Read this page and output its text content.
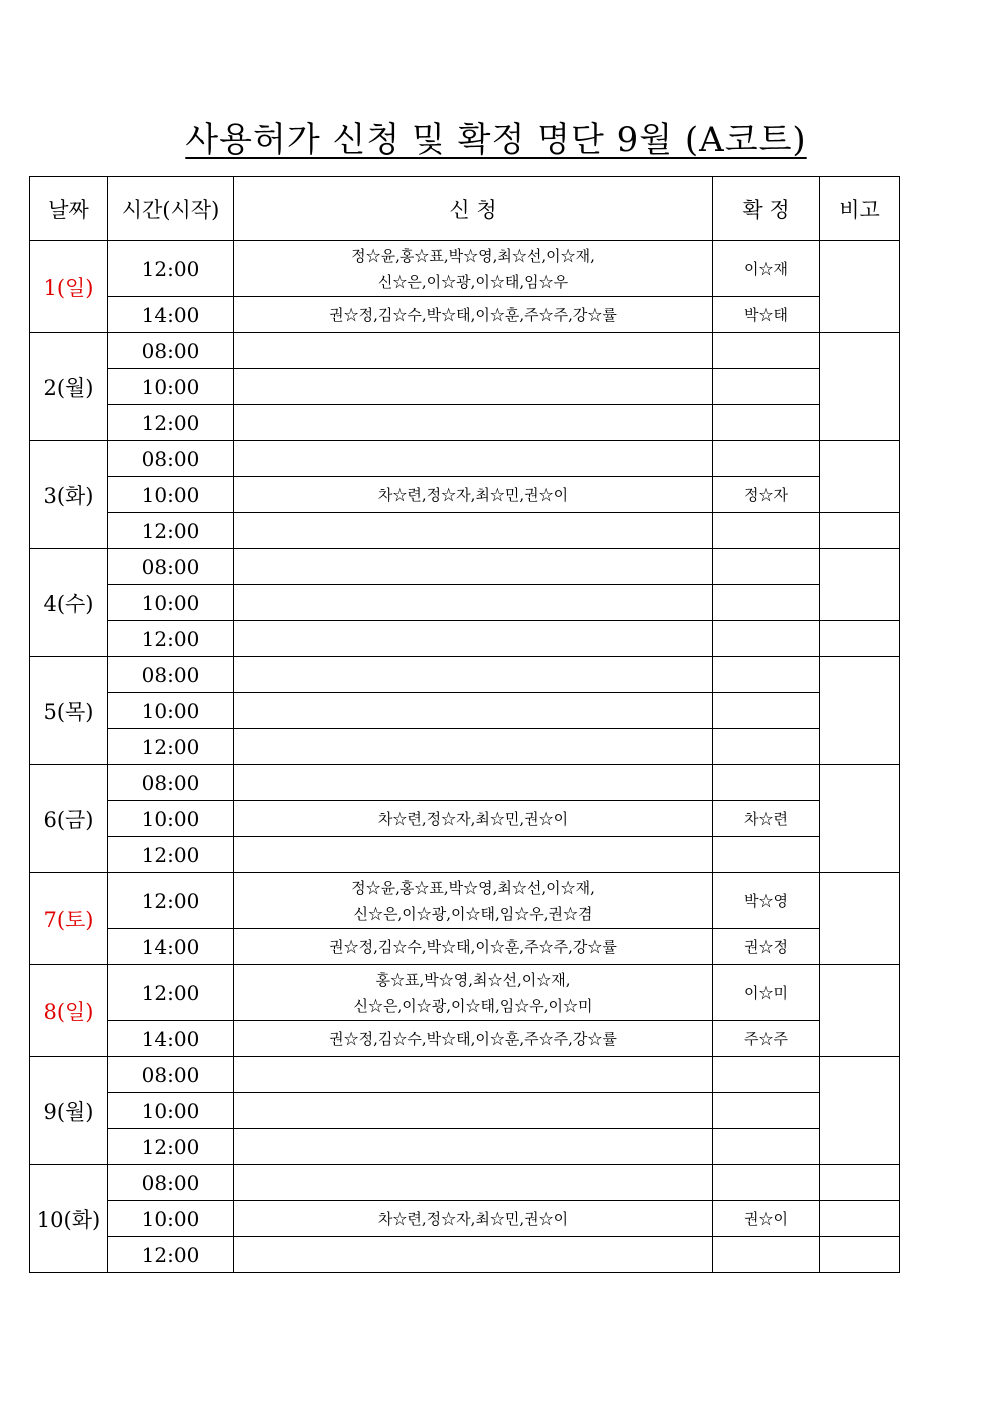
사용허가 신청 및 확정 명단 9월 (A코트)
날짜	시간(시작)	신 청	확 정	비고
1(일)	12:00	정☆윤,홍☆표,박☆영,최☆선,이☆재,
신☆은,이☆광,이☆태,임☆우	이☆재	
	14:00	권☆정,김☆수,박☆태,이☆훈,주☆주,강☆률	박☆태	
2(월)	08:00			
	10:00			
	12:00			
3(화)	08:00			
	10:00	차☆련,정☆자,최☆민,권☆이	정☆자	
	12:00			
4(수)	08:00			
	10:00			
	12:00			
5(목)	08:00			
	10:00			
	12:00			
6(금)	08:00			
	10:00	차☆련,정☆자,최☆민,권☆이	차☆련	
	12:00			
7(토)	12:00	정☆윤,홍☆표,박☆영,최☆선,이☆재,
신☆은,이☆광,이☆태,임☆우,권☆겸	박☆영	
	14:00	권☆정,김☆수,박☆태,이☆훈,주☆주,강☆률	권☆정	
8(일)	12:00	홍☆표,박☆영,최☆선,이☆재,
신☆은,이☆광,이☆태,임☆우,이☆미	이☆미	
	14:00	권☆정,김☆수,박☆태,이☆훈,주☆주,강☆률	주☆주	
9(월)	08:00			
	10:00			
	12:00			
10(화)	08:00			
	10:00	차☆련,정☆자,최☆민,권☆이	권☆이	
	12:00			
